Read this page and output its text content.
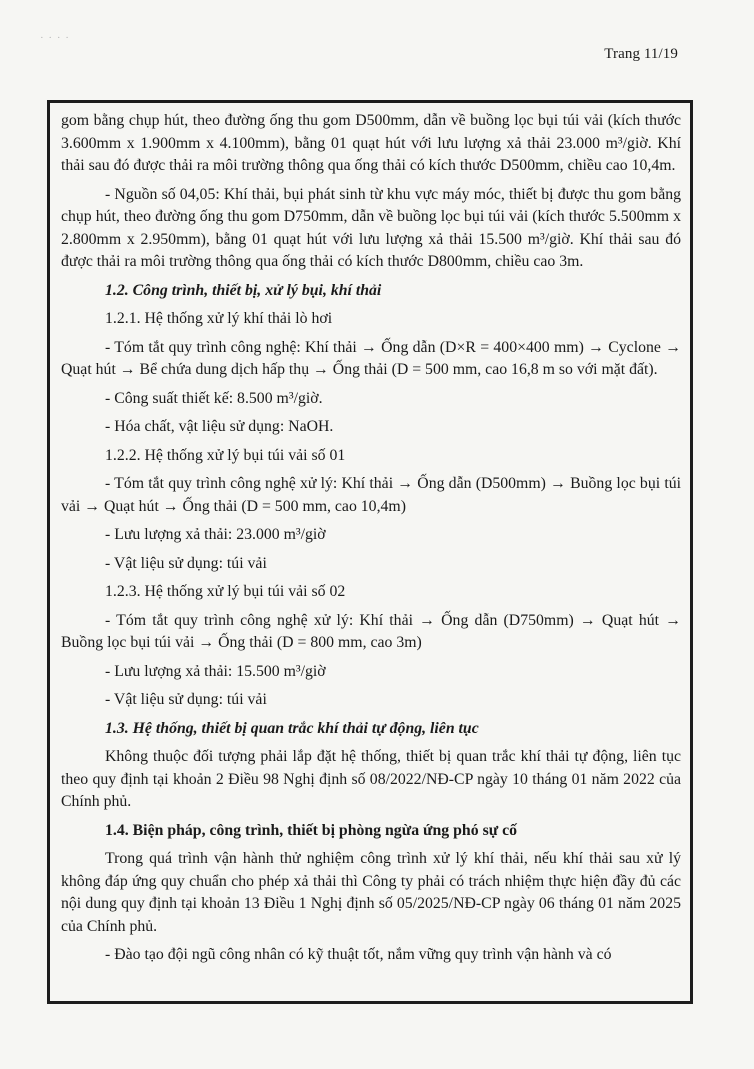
· · · ·
Trang 11/19

gom bằng chụp hút, theo đường ống thu gom D500mm, dẫn về buồng lọc bụi túi vải (kích thước 3.600mm x 1.900mm x 4.100mm), bằng 01 quạt hút với lưu lượng xả thải 23.000 m³/giờ. Khí thải sau đó được thải ra môi trường thông qua ống thải có kích thước D500mm, chiều cao 10,4m.

- Nguồn số 04,05: Khí thải, bụi phát sinh từ khu vực máy móc, thiết bị được thu gom bằng chụp hút, theo đường ống thu gom D750mm, dẫn về buồng lọc bụi túi vải (kích thước 5.500mm x 2.800mm x 2.950mm), bằng 01 quạt hút với lưu lượng xả thải 15.500 m³/giờ. Khí thải sau đó được thải ra môi trường thông qua ống thải có kích thước D800mm, chiều cao 3m.

1.2. Công trình, thiết bị, xử lý bụi, khí thải

1.2.1. Hệ thống xử lý khí thải lò hơi

- Tóm tắt quy trình công nghệ: Khí thải → Ống dẫn (D×R = 400×400 mm) → Cyclone → Quạt hút → Bể chứa dung dịch hấp thụ → Ống thải (D = 500 mm, cao 16,8 m so với mặt đất).

- Công suất thiết kế: 8.500 m³/giờ.

- Hóa chất, vật liệu sử dụng: NaOH.

1.2.2. Hệ thống xử lý bụi túi vải số 01

- Tóm tắt quy trình công nghệ xử lý: Khí thải → Ống dẫn (D500mm) → Buồng lọc bụi túi vải → Quạt hút → Ống thải (D = 500 mm, cao 10,4m)

- Lưu lượng xả thải: 23.000 m³/giờ

- Vật liệu sử dụng: túi vải

1.2.3. Hệ thống xử lý bụi túi vải số 02

- Tóm tắt quy trình công nghệ xử lý: Khí thải → Ống dẫn (D750mm) → Quạt hút → Buồng lọc bụi túi vải → Ống thải (D = 800 mm, cao 3m)

- Lưu lượng xả thải: 15.500 m³/giờ

- Vật liệu sử dụng: túi vải

1.3. Hệ thống, thiết bị quan trắc khí thải tự động, liên tục

Không thuộc đối tượng phải lắp đặt hệ thống, thiết bị quan trắc khí thải tự động, liên tục theo quy định tại khoản 2 Điều 98 Nghị định số 08/2022/NĐ-CP ngày 10 tháng 01 năm 2022 của Chính phủ.

1.4. Biện pháp, công trình, thiết bị phòng ngừa ứng phó sự cố

Trong quá trình vận hành thử nghiệm công trình xử lý khí thải, nếu khí thải sau xử lý không đáp ứng quy chuẩn cho phép xả thải thì Công ty phải có trách nhiệm thực hiện đầy đủ các nội dung quy định tại khoản 13 Điều 1 Nghị định số 05/2025/NĐ-CP ngày 06 tháng 01 năm 2025 của Chính phủ.

- Đào tạo đội ngũ công nhân có kỹ thuật tốt, nắm vững quy trình vận hành và có
